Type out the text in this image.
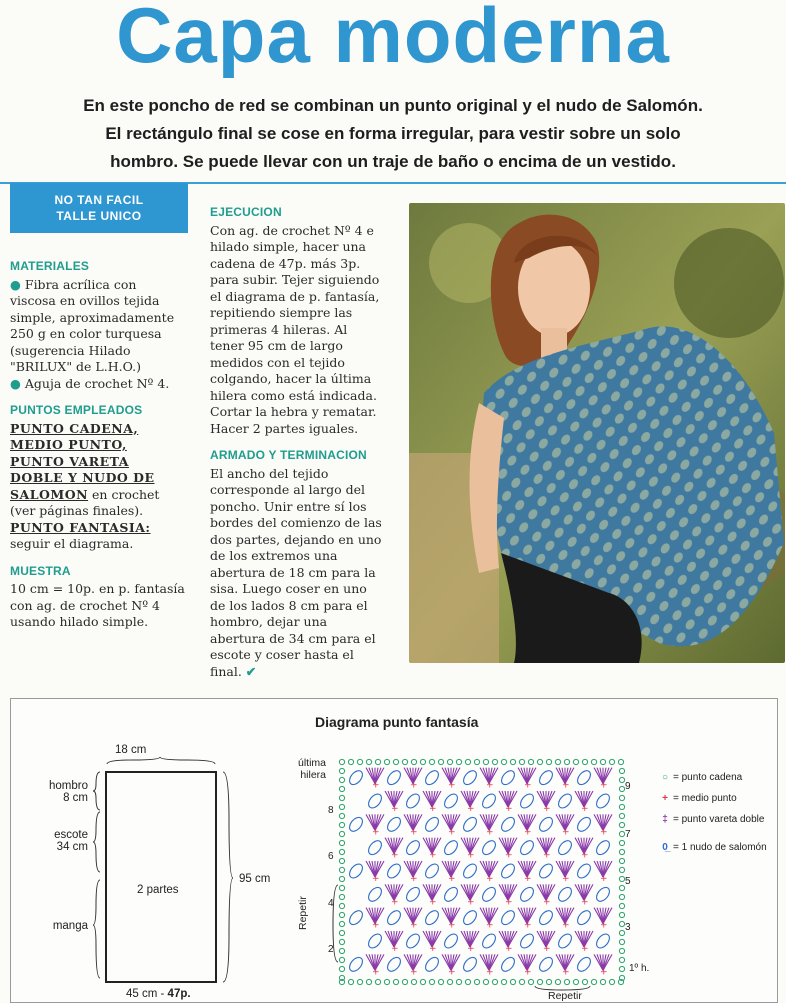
Capa moderna
En este poncho de red se combinan un punto original y el nudo de Salomón.
El rectángulo final se cose en forma irregular, para vestir sobre un solo
hombro. Se puede llevar con un traje de baño o encima de un vestido.
NO TAN FACIL
TALLE UNICO
MATERIALES

● Fibra acrílica con viscosa en ovillos tejida simple, aproximadamente 250 g en color turquesa (sugerencia Hilado "BRILUX" de L.H.O.)

● Aguja de crochet Nº 4.

PUNTOS EMPLEADOS

PUNTO CADENA, MEDIO PUNTO, PUNTO VARETA DOBLE Y NUDO DE SALOMON en crochet (ver páginas finales).

PUNTO FANTASIA: seguir el diagrama.

MUESTRA

10 cm = 10p. en p. fantasía con ag. de crochet Nº 4 usando hilado simple.

EJECUCION

Con ag. de crochet Nº 4 e hilado simple, hacer una cadena de 47p. más 3p. para subir. Tejer siguiendo el diagrama de p. fantasía, repitiendo siempre las primeras 4 hileras. Al tener 95 cm de largo medidos con el tejido colgando, hacer la última hilera como está indicada. Cortar la hebra y rematar. Hacer 2 partes iguales.

ARMADO Y TERMINACION

El ancho del tejido corresponde al largo del poncho. Unir entre sí los bordes del comienzo de las dos partes, dejando en uno de los extremos una abertura de 18 cm para la sisa. Luego coser en uno de los lados 8 cm para el hombro, dejar una abertura de 34 cm para el escote y coser hasta el final. ✔

Diagrama punto fantasía
18 cm
hombro
8 cm
escote
34 cm
2 partes
manga
95 cm
45 cm - 47p.
+	+	+	+	+	+	+
+	+	+	+	+	+
+	+	+	+	+	+	+
+	+	+	+	+	+
+	+	+	+	+	+	+
+	+	+	+	+	+
+	+	+	+	+	+	+
+	+	+	+	+	+
+	+	+	+	+	+	+
última hilera
1º h.
Repetir
Repetir
9
7
5
3
8
6
4
2
○ = punto cadena
+ = medio punto
‡ = punto vareta doble
0̲ = 1 nudo de salomón
